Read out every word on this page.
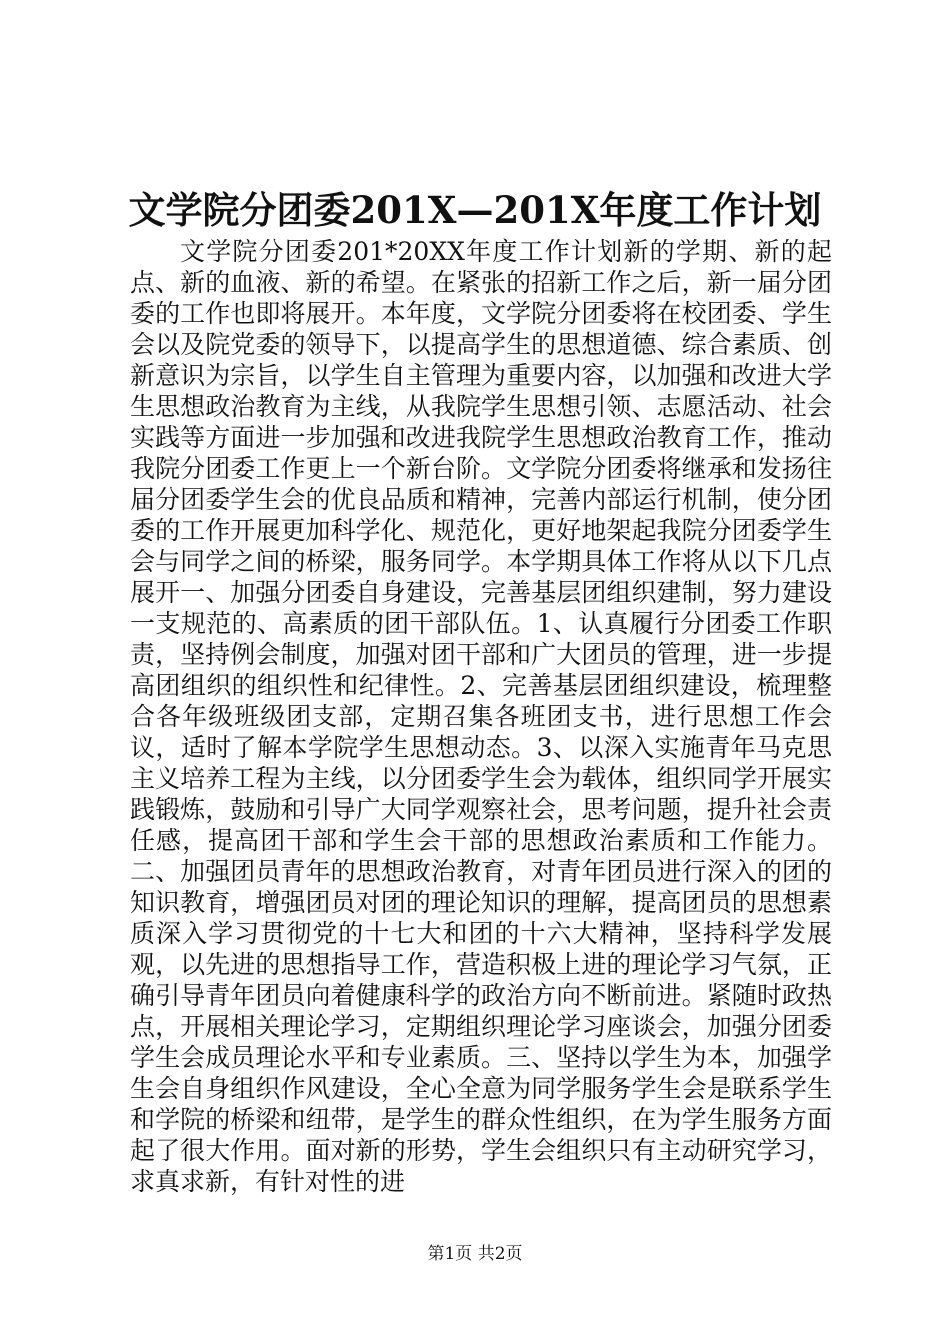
文学院分团委201X—201X年度工作计划

文学院分团委201*20XX年度工作计划新的学期、新的起点、新的血液、新的希望。在紧张的招新工作之后，新一届分团委的工作也即将展开。本年度，文学院分团委将在校团委、学生会以及院党委的领导下，以提高学生的思想道德、综合素质、创新意识为宗旨，以学生自主管理为重要内容，以加强和改进大学生思想政治教育为主线，从我院学生思想引领、志愿活动、社会实践等方面进一步加强和改进我院学生思想政治教育工作，推动我院分团委工作更上一个新台阶。文学院分团委将继承和发扬往届分团委学生会的优良品质和精神，完善内部运行机制，使分团委的工作开展更加科学化、规范化，更好地架起我院分团委学生会与同学之间的桥梁，服务同学。本学期具体工作将从以下几点展开一、加强分团委自身建设，完善基层团组织建制，努力建设一支规范的、高素质的团干部队伍。1、认真履行分团委工作职责，坚持例会制度，加强对团干部和广大团员的管理，进一步提高团组织的组织性和纪律性。2、完善基层团组织建设，梳理整合各年级班级团支部，定期召集各班团支书，进行思想工作会议，适时了解本学院学生思想动态。3、以深入实施青年马克思主义培养工程为主线，以分团委学生会为载体，组织同学开展实践锻炼，鼓励和引导广大同学观察社会，思考问题，提升社会责任感，提高团干部和学生会干部的思想政治素质和工作能力。二、加强团员青年的思想政治教育，对青年团员进行深入的团的知识教育，增强团员对团的理论知识的理解，提高团员的思想素质深入学习贯彻党的十七大和团的十六大精神，坚持科学发展观，以先进的思想指导工作，营造积极上进的理论学习气氛，正确引导青年团员向着健康科学的政治方向不断前进。紧随时政热点，开展相关理论学习，定期组织理论学习座谈会，加强分团委学生会成员理论水平和专业素质。三、坚持以学生为本，加强学生会自身组织作风建设，全心全意为同学服务学生会是联系学生和学院的桥梁和纽带，是学生的群众性组织，在为学生服务方面起了很大作用。面对新的形势，学生会组织只有主动研究学习，求真求新，有针对性的进

第1页 共2页
